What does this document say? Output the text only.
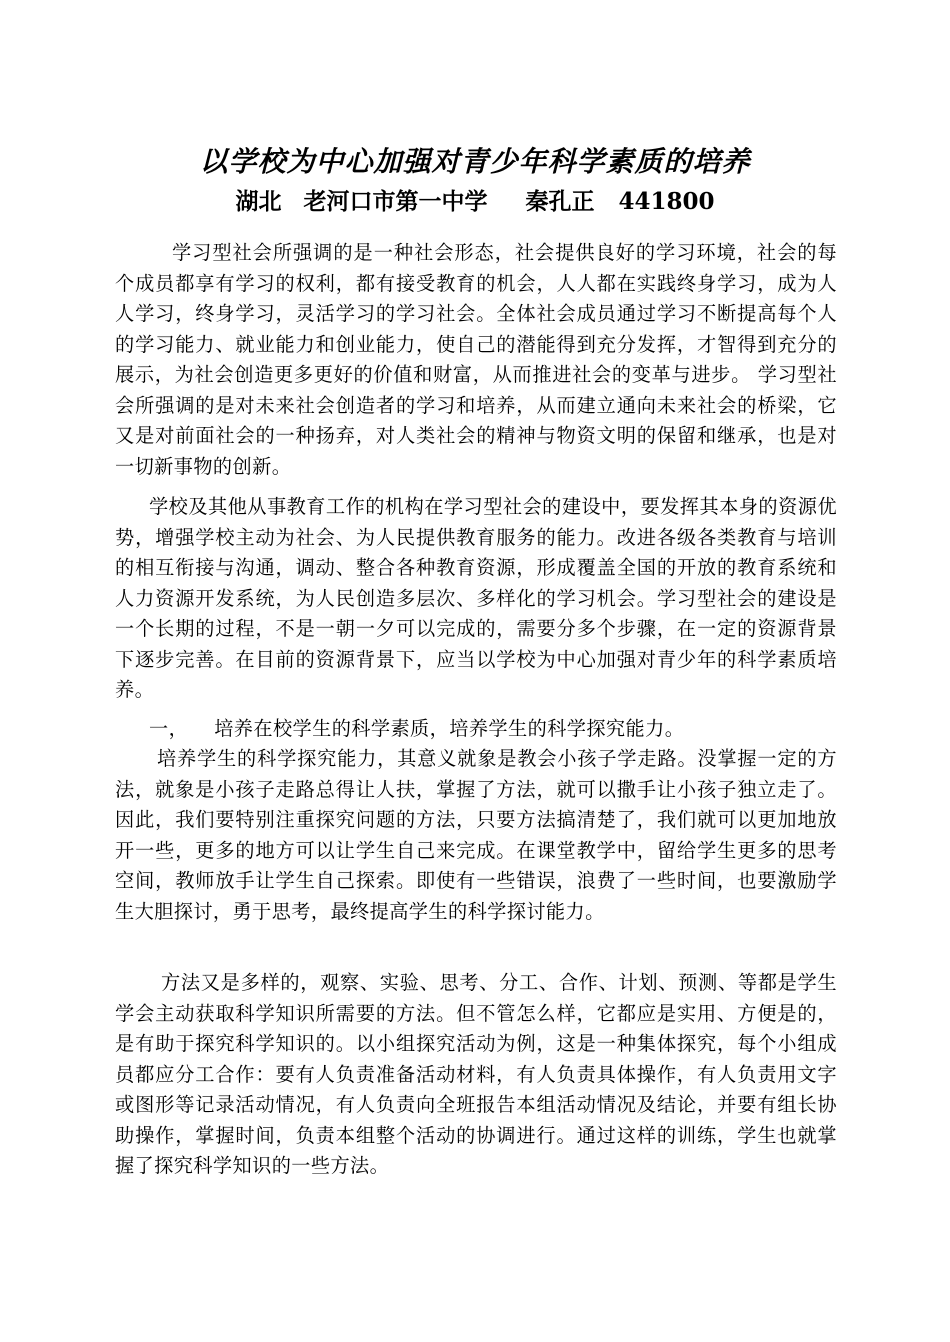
以学校为中心加强对青少年科学素质的培养
湖北 老河口市第一中学 秦孔正 441800

学习型社会所强调的是一种社会形态，社会提供良好的学习环境，社会的每个成员都享有学习的权利，都有接受教育的机会，人人都在实践终身学习，成为人人学习，终身学习，灵活学习的学习社会。全体社会成员通过学习不断提高每个人的学习能力、就业能力和创业能力，使自己的潜能得到充分发挥，才智得到充分的展示，为社会创造更多更好的价值和财富，从而推进社会的变革与进步。 学习型社会所强调的是对未来社会创造者的学习和培养，从而建立通向未来社会的桥梁，它又是对前面社会的一种扬弃，对人类社会的精神与物资文明的保留和继承，也是对一切新事物的创新。

学校及其他从事教育工作的机构在学习型社会的建设中，要发挥其本身的资源优势，增强学校主动为社会、为人民提供教育服务的能力。改进各级各类教育与培训的相互衔接与沟通，调动、整合各种教育资源，形成覆盖全国的开放的教育系统和人力资源开发系统，为人民创造多层次、多样化的学习机会。学习型社会的建设是一个长期的过程，不是一朝一夕可以完成的，需要分多个步骤，在一定的资源背景下逐步完善。在目前的资源背景下，应当以学校为中心加强对青少年的科学素质培养。

一， 培养在校学生的科学素质，培养学生的科学探究能力。

培养学生的科学探究能力，其意义就象是教会小孩子学走路。没掌握一定的方法，就象是小孩子走路总得让人扶，掌握了方法，就可以撒手让小孩子独立走了。因此，我们要特别注重探究问题的方法，只要方法搞清楚了，我们就可以更加地放开一些，更多的地方可以让学生自己来完成。在课堂教学中，留给学生更多的思考空间，教师放手让学生自己探索。即使有一些错误，浪费了一些时间，也要激励学生大胆探讨，勇于思考，最终提高学生的科学探讨能力。

方法又是多样的，观察、实验、思考、分工、合作、计划、预测、等都是学生学会主动获取科学知识所需要的方法。但不管怎么样，它都应是实用、方便是的，是有助于探究科学知识的。以小组探究活动为例，这是一种集体探究，每个小组成员都应分工合作：要有人负责准备活动材料，有人负责具体操作，有人负责用文字或图形等记录活动情况，有人负责向全班报告本组活动情况及结论，并要有组长协助操作，掌握时间，负责本组整个活动的协调进行。通过这样的训练，学生也就掌握了探究科学知识的一些方法。
